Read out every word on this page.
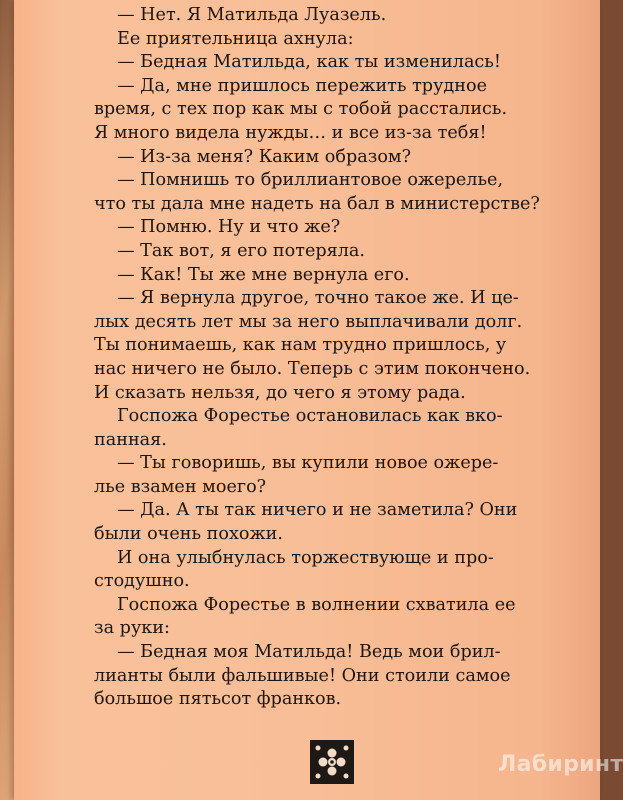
— Нет. Я Матильда Луазель.
Ее приятельница ахнула:
— Бедная Матильда, как ты изменилась!
— Да, мне пришлось пережить трудное
время, с тех пор как мы с тобой расстались.
Я много видела нужды… и все из-за тебя!
— Из-за меня? Каким образом?
— Помнишь то бриллиантовое ожерелье,
что ты дала мне надеть на бал в министерстве?
— Помню. Ну и что же?
— Так вот, я его потеряла.
— Как! Ты же мне вернула его.
— Я вернула другое, точно такое же. И це-
лых десять лет мы за него выплачивали долг.
Ты понимаешь, как нам трудно пришлось, у
нас ничего не было. Теперь с этим покончено.
И сказать нельзя, до чего я этому рада.
Госпожа Форестье остановилась как вко-
панная.
— Ты говоришь, вы купили новое ожерe-
лье взамен моего?
— Да. А ты так ничего и не заметила? Они
были очень похожи.
И она улыбнулась торжествующе и про-
стодушно.
Госпожа Форестье в волнении схватила ее
за руки:
— Бедная моя Матильда! Ведь мои брил-
лианты были фальшивые! Они стоили самое
большое пятьсот франков.
Лабиринт
